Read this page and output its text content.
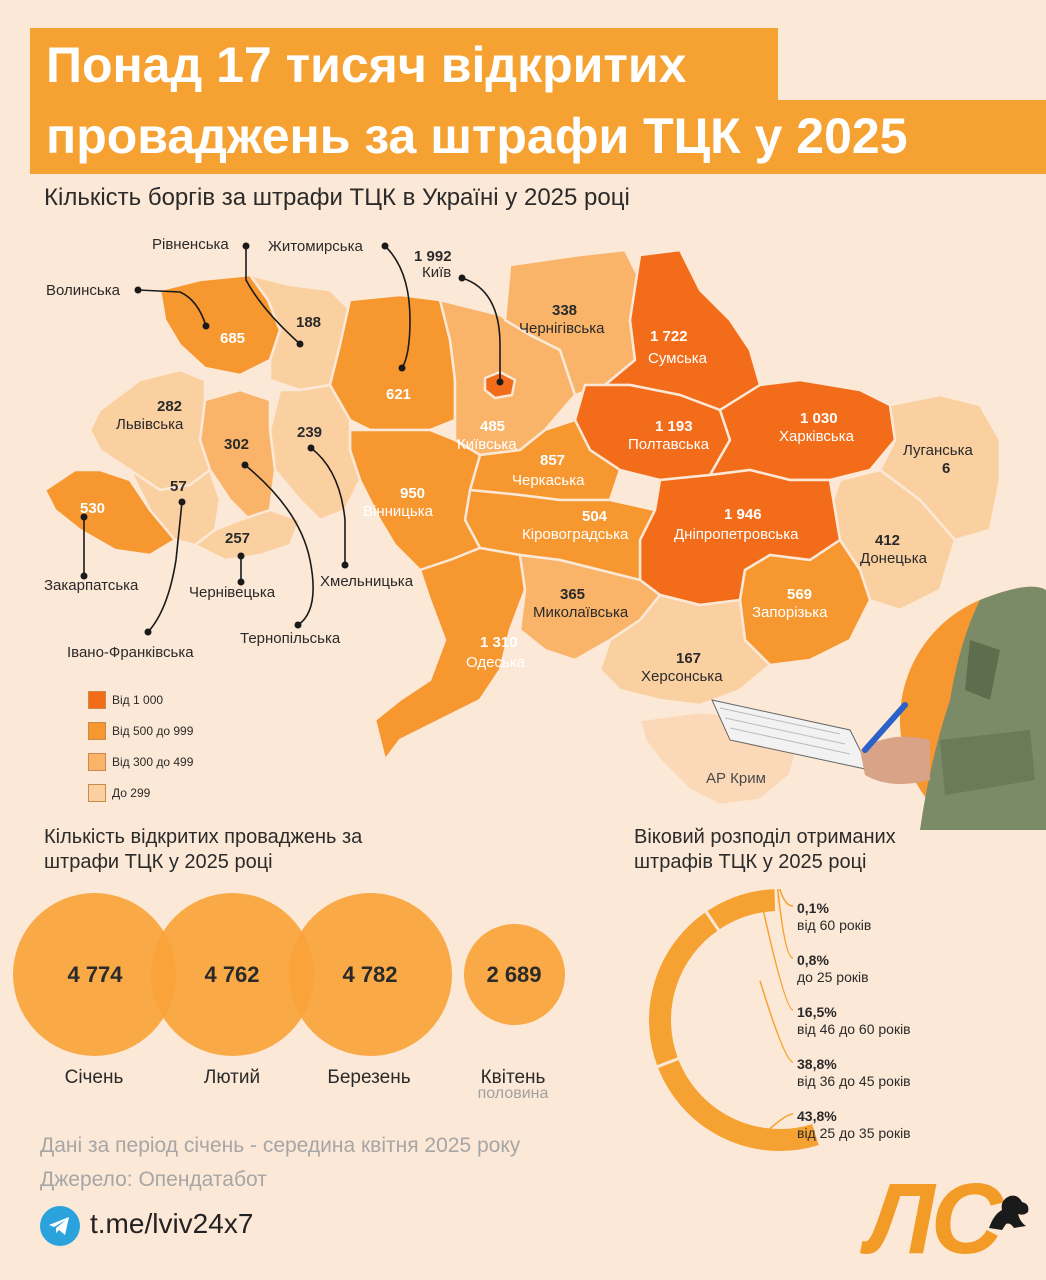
Понад 17 тисяч відкритих
проваджень за штрафи ТЦК у 2025
Кількість боргів за штрафи ТЦК в Україні у 2025 році
Волинська
685
Рівненська
188
Житомирська
621
1 992
Київ
338
Чернігівська	1 722
Сумська
282
Львівська	485
Київська
1 193
Полтавська
1 030
Харківська
Луганська
6
302
Тернопільська
239
Хмельницька
857
Черкаська
530
Закарпатська
57
Івано-Франківська
950
Вінницька	1 946
Дніпропетровська	412
Донецька
504
Кіровоградська
257
Чернівецька	365
Миколаївська
569
Запорізька
1 310
Одеська	167
Херсонська
АР Крим
Від 1 000
Від 500 до 999
Від 300 до 499
До 299
Кількість відкритих проваджень за
штрафи ТЦК у 2025 році
4 774	4 762	4 782	2 689
Січень	Лютий	Березень	Квітень
половина
Віковий розподіл отриманих
штрафів ТЦК у 2025 році
0,1%
від 60 років
0,8%
до 25 років
16,5%
від 46 до 60 років
38,8%
від 36 до 45 років
43,8%
від 25 до 35 років
Дані за період січень - середина квітня 2025 року
Джерело: Опендатабот
t.me/lviv24x7	ЛС
